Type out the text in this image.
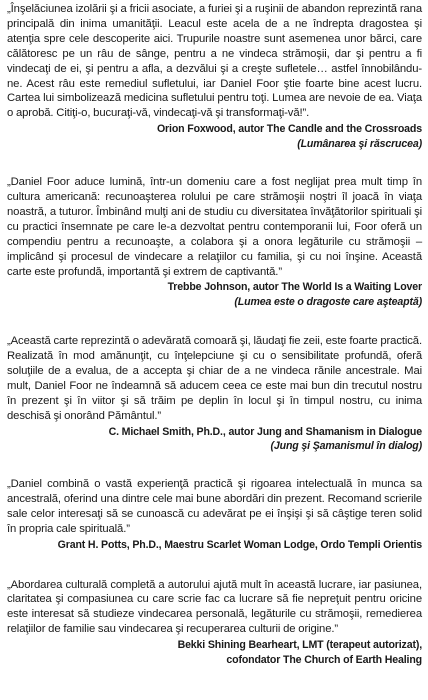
„Înşelăciunea izolării şi a fricii asociate, a furiei şi a ruşinii de abandon reprezintă rana principală din inima umanităţii. Leacul este acela de a ne îndrepta dragostea şi atenţia spre cele descoperite aici. Trupurile noastre sunt asemenea unor bărci, care călătoresc pe un râu de sânge, pentru a ne vindeca strămoşii, dar şi pentru a fi vindecaţi de ei, şi pentru a afla, a dezvălui şi a creşte sufletele… astfel înnobilându-ne. Acest râu este remediul sufletului, iar Daniel Foor ştie foarte bine acest lucru. Cartea lui simbolizează medicina sufletului pentru toţi. Lumea are nevoie de ea. Viaţa o aprobă. Citiţi-o, bucuraţi-vă, vindecaţi-vă şi transformaţi-vă!”.

Orion Foxwood, autor The Candle and the Crossroads
(Lumânarea şi răscrucea)

„Daniel Foor aduce lumină, într-un domeniu care a fost neglijat prea mult timp în cultura americană: recunoaşterea rolului pe care strămoşii noştri îl joacă în viaţa noastră, a tuturor. Îmbinând mulţi ani de studiu cu diversitatea învăţătorilor spirituali şi cu practici însemnate pe care le-a dezvoltat pentru contemporanii lui, Foor oferă un compendiu pentru a recunoaşte, a colabora şi a onora legăturile cu strămoşii – implicând şi procesul de vindecare a relaţiilor cu familia, şi cu noi înşine. Această carte este profundă, importantă şi extrem de captivantă.”

Trebbe Johnson, autor The World Is a Waiting Lover
(Lumea este o dragoste care aşteaptă)

„Această carte reprezintă o adevărată comoară şi, lăudaţi fie zeii, este foarte practică. Realizată în mod amănunţit, cu înţelepciune şi cu o sensibilitate profundă, oferă soluţiile de a evalua, de a accepta şi chiar de a ne vindeca rănile ancestrale. Mai mult, Daniel Foor ne îndeamnă să aducem ceea ce este mai bun din trecutul nostru în prezent şi în viitor şi să trăim pe deplin în locul şi în timpul nostru, cu inima deschisă şi onorând Pământul.”

C. Michael Smith, Ph.D., autor Jung and Shamanism in Dialogue
(Jung şi Şamanismul în dialog)

„Daniel combină o vastă experienţă practică şi rigoarea intelectuală în munca sa ancestrală, oferind una dintre cele mai bune abordări din prezent. Recomand scrierile sale celor interesaţi să se cunoască cu adevărat pe ei înşişi şi să câştige teren solid în propria cale spirituală.”

Grant H. Potts, Ph.D., Maestru Scarlet Woman Lodge, Ordo Templi Orientis

„Abordarea culturală completă a autorului ajută mult în această lucrare, iar pasiunea, claritatea şi compasiunea cu care scrie fac ca lucrare să fie nepreţuit pentru oricine este interesat să studieze vindecarea personală, legăturile cu strămoşii, remedierea relaţiilor de familie sau vindecarea şi recuperarea culturii de origine.”

Bekki Shining Bearheart, LMT (terapeut autorizat),
cofondator The Church of Earth Healing
